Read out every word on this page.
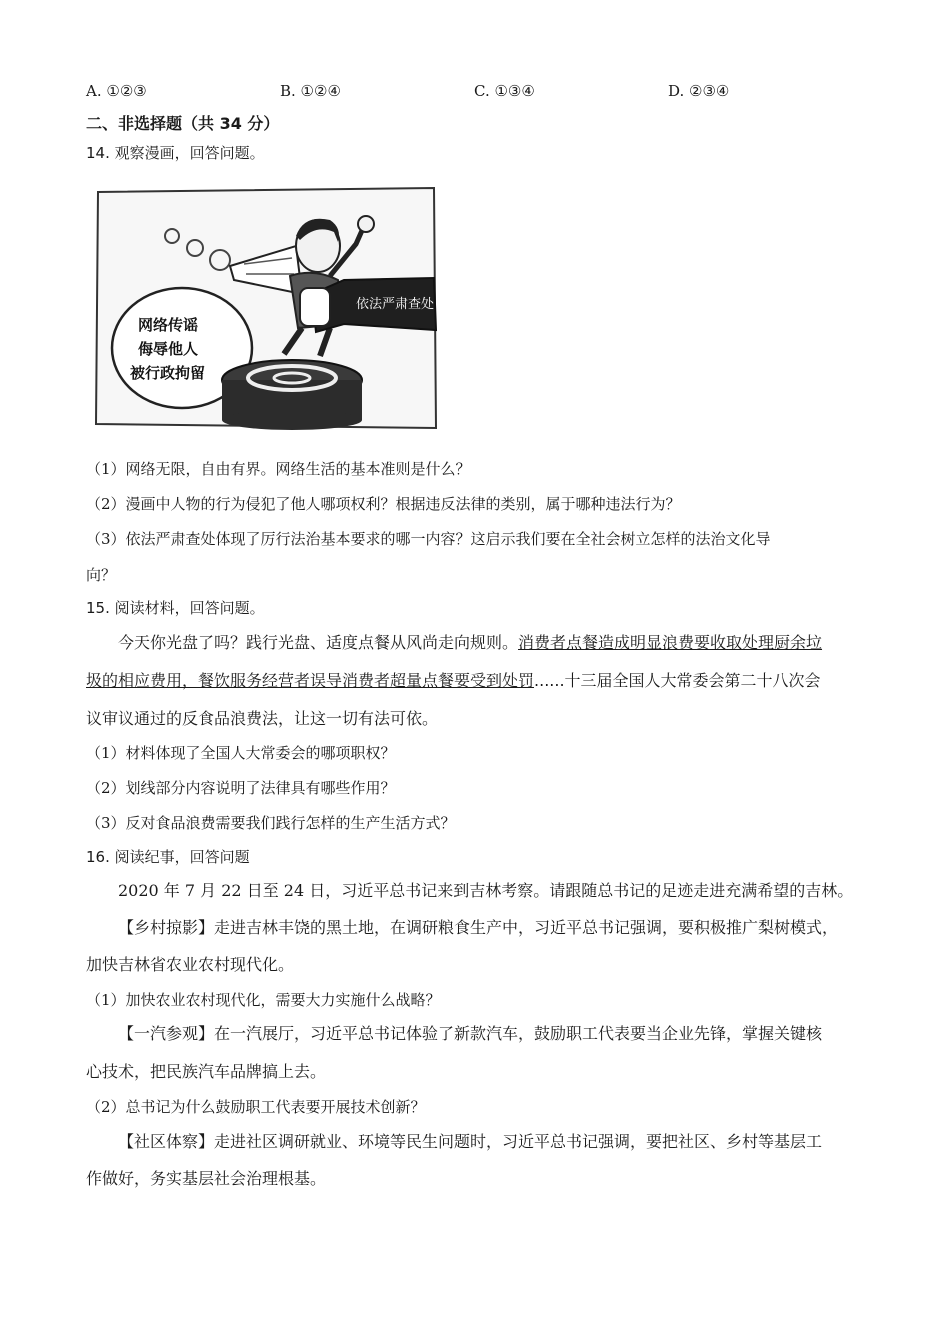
A. ①②③	B. ①②④	C. ①③④	D. ②③④
二、非选择题（共 34 分）
14. 观察漫画，回答问题。
网络传谣
侮辱他人
被行政拘留
依法严肃查处
（1）网络无限，自由有界。网络生活的基本准则是什么？
（2）漫画中人物的行为侵犯了他人哪项权利？根据违反法律的类别，属于哪种违法行为？
（3）依法严肃查处体现了厉行法治基本要求的哪一内容？这启示我们要在全社会树立怎样的法治文化导
向？
15. 阅读材料，回答问题。
今天你光盘了吗？践行光盘、适度点餐从风尚走向规则。消费者点餐造成明显浪费要收取处理厨余垃
圾的相应费用，餐饮服务经营者误导消费者超量点餐要受到处罚......十三届全国人大常委会第二十八次会
议审议通过的反食品浪费法，让这一切有法可依。
（1）材料体现了全国人大常委会的哪项职权？
（2）划线部分内容说明了法律具有哪些作用？
（3）反对食品浪费需要我们践行怎样的生产生活方式？
16. 阅读纪事，回答问题
2020 年 7 月 22 日至 24 日，习近平总书记来到吉林考察。请跟随总书记的足迹走进充满希望的吉林。
【乡村掠影】走进吉林丰饶的黑土地，在调研粮食生产中，习近平总书记强调，要积极推广梨树模式，
加快吉林省农业农村现代化。
（1）加快农业农村现代化，需要大力实施什么战略？
【一汽参观】在一汽展厅，习近平总书记体验了新款汽车，鼓励职工代表要当企业先锋，掌握关键核
心技术，把民族汽车品牌搞上去。
（2）总书记为什么鼓励职工代表要开展技术创新？
【社区体察】走进社区调研就业、环境等民生问题时，习近平总书记强调，要把社区、乡村等基层工
作做好，务实基层社会治理根基。
